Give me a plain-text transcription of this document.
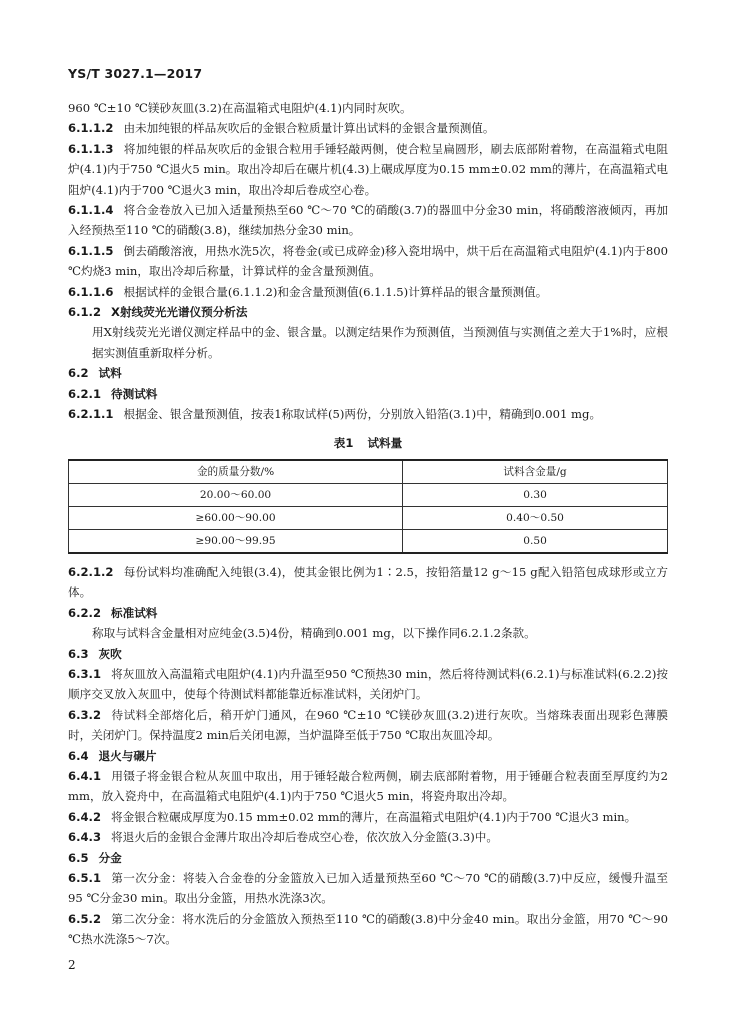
YS/T 3027.1—2017

960 ℃±10 ℃镁砂灰皿(3.2)在高温箱式电阻炉(4.1)内同时灰吹。

6.1.1.2 由未加纯银的样品灰吹后的金银合粒质量计算出试料的金银含量预测值。

6.1.1.3 将加纯银的样品灰吹后的金银合粒用手锤轻敲两侧，使合粒呈扁圆形，刷去底部附着物，在高温箱式电阻炉(4.1)内于750 ℃退火5 min。取出冷却后在碾片机(4.3)上碾成厚度为0.15 mm±0.02 mm的薄片，在高温箱式电阻炉(4.1)内于700 ℃退火3 min，取出冷却后卷成空心卷。

6.1.1.4 将合金卷放入已加入适量预热至60 ℃～70 ℃的硝酸(3.7)的器皿中分金30 min，将硝酸溶液倾丙，再加入经预热至110 ℃的硝酸(3.8)，继续加热分金30 min。

6.1.1.5 倒去硝酸溶液，用热水洗5次，将卷金(或已成碎金)移入瓷坩埚中，烘干后在高温箱式电阻炉(4.1)内于800 ℃灼烧3 min，取出冷却后称量，计算试样的金含量预测值。

6.1.1.6 根据试样的金银合量(6.1.1.2)和金含量预测值(6.1.1.5)计算样品的银含量预测值。

6.1.2 X射线荧光光谱仪预分析法

用X射线荧光光谱仪测定样品中的金、银含量。以测定结果作为预测值，当预测值与实测值之差大于1%时，应根据实测值重新取样分析。

6.2 试料

6.2.1 待测试料

6.2.1.1 根据金、银含量预测值，按表1称取试样(5)两份，分别放入铅箔(3.1)中，精确到0.001 mg。

表1 试料量
金的质量分数/%	试料含金量/g
20.00～60.00	0.30
≥60.00～90.00	0.40～0.50
≥90.00～99.95	0.50

6.2.1.2 每份试料均准确配入纯银(3.4)，使其金银比例为1∶2.5，按铅箔量12 g～15 g配入铅箔包成球形或立方体。

6.2.2 标准试料

称取与试料含金量相对应纯金(3.5)4份，精确到0.001 mg，以下操作同6.2.1.2条款。

6.3 灰吹

6.3.1 将灰皿放入高温箱式电阻炉(4.1)内升温至950 ℃预热30 min，然后将待测试料(6.2.1)与标准试料(6.2.2)按顺序交叉放入灰皿中，使每个待测试料都能靠近标准试料，关闭炉门。

6.3.2 待试料全部熔化后，稍开炉门通风，在960 ℃±10 ℃镁砂灰皿(3.2)进行灰吹。当熔珠表面出现彩色薄膜时，关闭炉门。保持温度2 min后关闭电源，当炉温降至低于750 ℃取出灰皿冷却。

6.4 退火与碾片

6.4.1 用镊子将金银合粒从灰皿中取出，用于锤轻敲合粒两侧，刷去底部附着物，用于锤砸合粒表面至厚度约为2 mm，放入瓷舟中，在高温箱式电阻炉(4.1)内于750 ℃退火5 min，将瓷舟取出冷却。

6.4.2 将金银合粒碾成厚度为0.15 mm±0.02 mm的薄片，在高温箱式电阻炉(4.1)内于700 ℃退火3 min。

6.4.3 将退火后的金银合金薄片取出冷却后卷成空心卷，依次放入分金篮(3.3)中。

6.5 分金

6.5.1 第一次分金：将装入合金卷的分金篮放入已加入适量预热至60 ℃～70 ℃的硝酸(3.7)中反应，缓慢升温至95 ℃分金30 min。取出分金篮，用热水洗涤3次。

6.5.2 第二次分金：将水洗后的分金篮放入预热至110 ℃的硝酸(3.8)中分金40 min。取出分金篮，用70 ℃～90 ℃热水洗涤5～7次。

2
